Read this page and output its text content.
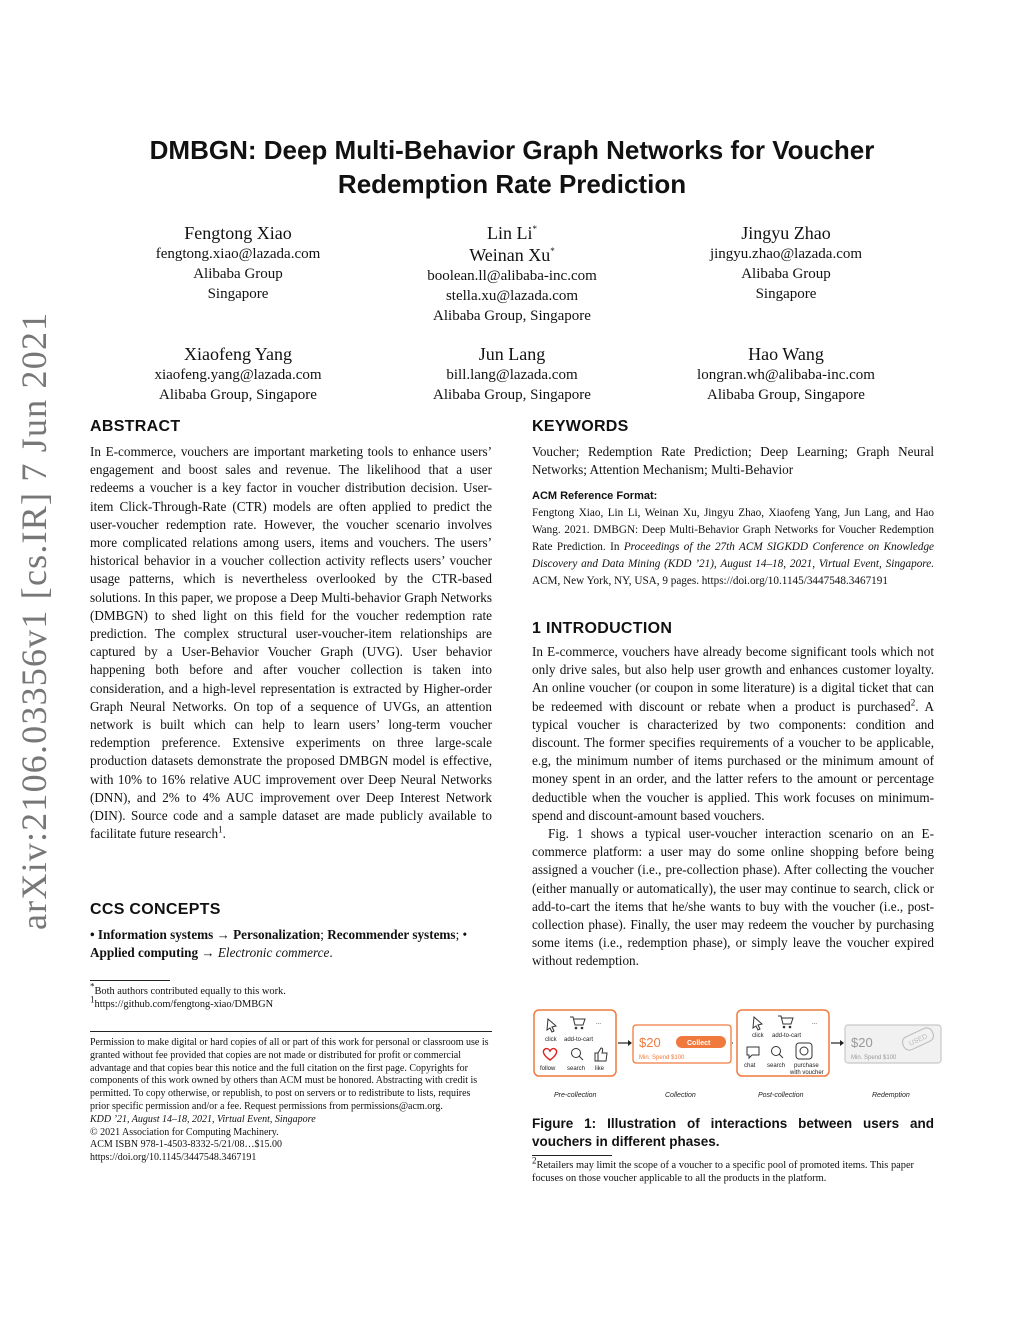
arXiv:2106.03356v1 [cs.IR] 7 Jun 2021
DMBGN: Deep Multi-Behavior Graph Networks for Voucher
Redemption Rate Prediction
Fengtong Xiao
fengtong.xiao@lazada.com
Alibaba Group
Singapore
Lin Li*
Weinan Xu*
boolean.ll@alibaba-inc.com
stella.xu@lazada.com
Alibaba Group, Singapore
Jingyu Zhao
jingyu.zhao@lazada.com
Alibaba Group
Singapore
Xiaofeng Yang
xiaofeng.yang@lazada.com
Alibaba Group, Singapore
Jun Lang
bill.lang@lazada.com
Alibaba Group, Singapore
Hao Wang
longran.wh@alibaba-inc.com
Alibaba Group, Singapore
ABSTRACT

In E-commerce, vouchers are important marketing tools to enhance users’ engagement and boost sales and revenue. The likelihood that a user redeems a voucher is a key factor in voucher distribution decision. User-item Click-Through-Rate (CTR) models are often applied to predict the user-voucher redemption rate. However, the voucher scenario involves more complicated relations among users, items and vouchers. The users’ historical behavior in a voucher collection activity reflects users’ voucher usage patterns, which is nevertheless overlooked by the CTR-based solutions. In this paper, we propose a Deep Multi-behavior Graph Networks (DMBGN) to shed light on this field for the voucher redemption rate prediction. The complex structural user-voucher-item relationships are captured by a User-Behavior Voucher Graph (UVG). User behavior happening both before and after voucher collection is taken into consideration, and a high-level representation is extracted by Higher-order Graph Neural Networks. On top of a sequence of UVGs, an attention network is built which can help to learn users’ long-term voucher redemption preference. Extensive experiments on three large-scale production datasets demonstrate the proposed DMBGN model is effective, with 10% to 16% relative AUC improvement over Deep Neural Networks (DNN), and 2% to 4% AUC improvement over Deep Interest Network (DIN). Source code and a sample dataset are made publicly available to facilitate future research$^1$.

CCS CONCEPTS

• Information systems → Personalization; Recommender systems; • Applied computing → Electronic commerce.

*Both authors contributed equally to this work.
1https://github.com/fengtong-xiao/DMBGN

Permission to make digital or hard copies of all or part of this work for personal or classroom use is granted without fee provided that copies are not made or distributed for profit or commercial advantage and that copies bear this notice and the full citation on the first page. Copyrights for components of this work owned by others than ACM must be honored. Abstracting with credit is permitted. To copy otherwise, or republish, to post on servers or to redistribute to lists, requires prior specific permission and/or a fee. Request permissions from permissions@acm.org.

KDD ’21, August 14–18, 2021, Virtual Event, Singapore

© 2021 Association for Computing Machinery.

ACM ISBN 978-1-4503-8332-5/21/08…$15.00

https://doi.org/10.1145/3447548.3467191

KEYWORDS

Voucher; Redemption Rate Prediction; Deep Learning; Graph Neural Networks; Attention Mechanism; Multi-Behavior

ACM Reference Format:

Fengtong Xiao, Lin Li, Weinan Xu, Jingyu Zhao, Xiaofeng Yang, Jun Lang, and Hao Wang. 2021. DMBGN: Deep Multi-Behavior Graph Networks for Voucher Redemption Rate Prediction. In Proceedings of the 27th ACM SIGKDD Conference on Knowledge Discovery and Data Mining (KDD ’21), August 14–18, 2021, Virtual Event, Singapore. ACM, New York, NY, USA, 9 pages. https://doi.org/10.1145/3447548.3467191

1 INTRODUCTION

In E-commerce, vouchers have already become significant tools which not only drive sales, but also help user growth and enhances customer loyalty. An online voucher (or coupon in some literature) is a digital ticket that can be redeemed with discount or rebate when a product is purchased$^2$. A typical voucher is characterized by two components: condition and discount. The former specifies requirements of a voucher to be applicable, e.g, the minimum number of items purchased or the minimum amount of money spent in an order, and the latter refers to the amount or percentage deductible when the voucher is applied. This work focuses on minimum-spend and discount-amount based vouchers.

Fig. 1 shows a typical user-voucher interaction scenario on an E-commerce platform: a user may do some online shopping before being assigned a voucher (i.e., pre-collection phase). After collecting the voucher (either manually or automatically), the user may continue to search, click or add-to-cart the items that he/she wants to buy with the voucher (i.e., post-collection phase). Finally, the user may redeem the voucher by purchasing some items (i.e., redemption phase), or simply leave the voucher expired without redemption.

...
click add-to-cart
follow search like
$20	Collect
Min. Spend $100
...
click add-to-cart
chat search purchase
with voucher
$20
Min. Spend $100
USED
Pre-collection	Collection	Post-collection	Redemption
Figure 1: Illustration of interactions between users and vouchers in different phases.
2Retailers may limit the scope of a voucher to a specific pool of promoted items. This paper focuses on those voucher applicable to all the products in the platform.
